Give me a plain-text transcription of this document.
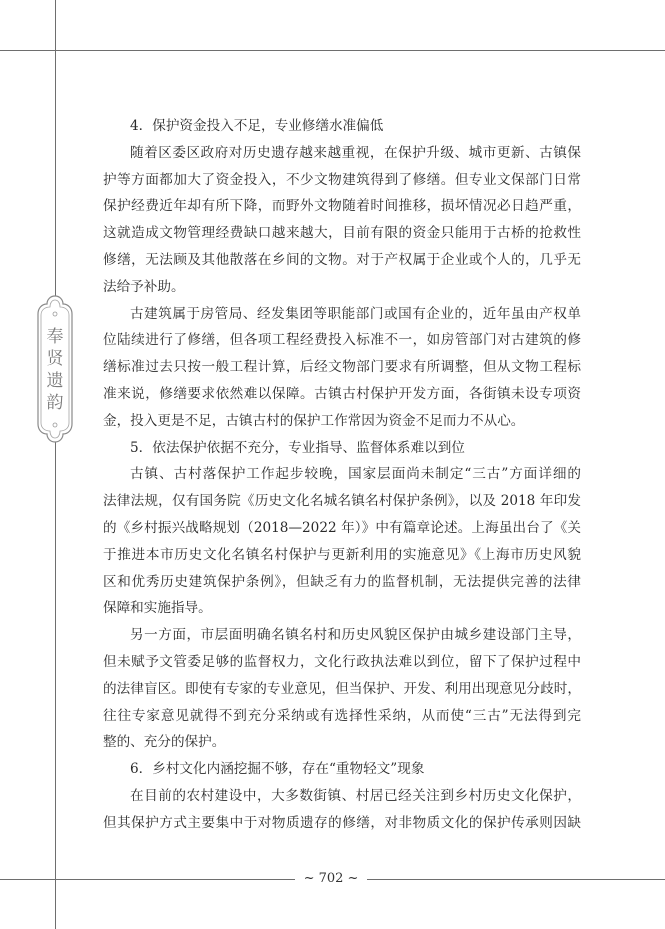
奉
贤
遗
韵
4．保护资金投入不足，专业修缮水准偏低
随着区委区政府对历史遗存越来越重视，在保护升级、城市更新、古镇保
护等方面都加大了资金投入，不少文物建筑得到了修缮。但专业文保部门日常
保护经费近年却有所下降，而野外文物随着时间推移，损坏情况必日趋严重，
这就造成文物管理经费缺口越来越大，目前有限的资金只能用于古桥的抢救性
修缮，无法顾及其他散落在乡间的文物。对于产权属于企业或个人的，几乎无
法给予补助。
古建筑属于房管局、经发集团等职能部门或国有企业的，近年虽由产权单
位陆续进行了修缮，但各项工程经费投入标准不一，如房管部门对古建筑的修
缮标准过去只按一般工程计算，后经文物部门要求有所调整，但从文物工程标
准来说，修缮要求依然难以保障。古镇古村保护开发方面，各街镇未设专项资
金，投入更是不足，古镇古村的保护工作常因为资金不足而力不从心。
5．依法保护依据不充分，专业指导、监督体系难以到位
古镇、古村落保护工作起步较晚，国家层面尚未制定“三古”方面详细的
法律法规，仅有国务院《历史文化名城名镇名村保护条例》，以及 2018 年印发
的《乡村振兴战略规划（2018—2022 年）》中有篇章论述。上海虽出台了《关
于推进本市历史文化名镇名村保护与更新利用的实施意见》《上海市历史风貌
区和优秀历史建筑保护条例》，但缺乏有力的监督机制，无法提供完善的法律
保障和实施指导。
另一方面，市层面明确名镇名村和历史风貌区保护由城乡建设部门主导，
但未赋予文管委足够的监督权力，文化行政执法难以到位，留下了保护过程中
的法律盲区。即使有专家的专业意见，但当保护、开发、利用出现意见分歧时，
往往专家意见就得不到充分采纳或有选择性采纳，从而使“三古”无法得到完
整的、充分的保护。
6．乡村文化内涵挖掘不够，存在“重物轻文”现象
在目前的农村建设中，大多数街镇、村居已经关注到乡村历史文化保护，
但其保护方式主要集中于对物质遗存的修缮，对非物质文化的保护传承则因缺
~ 702 ~
